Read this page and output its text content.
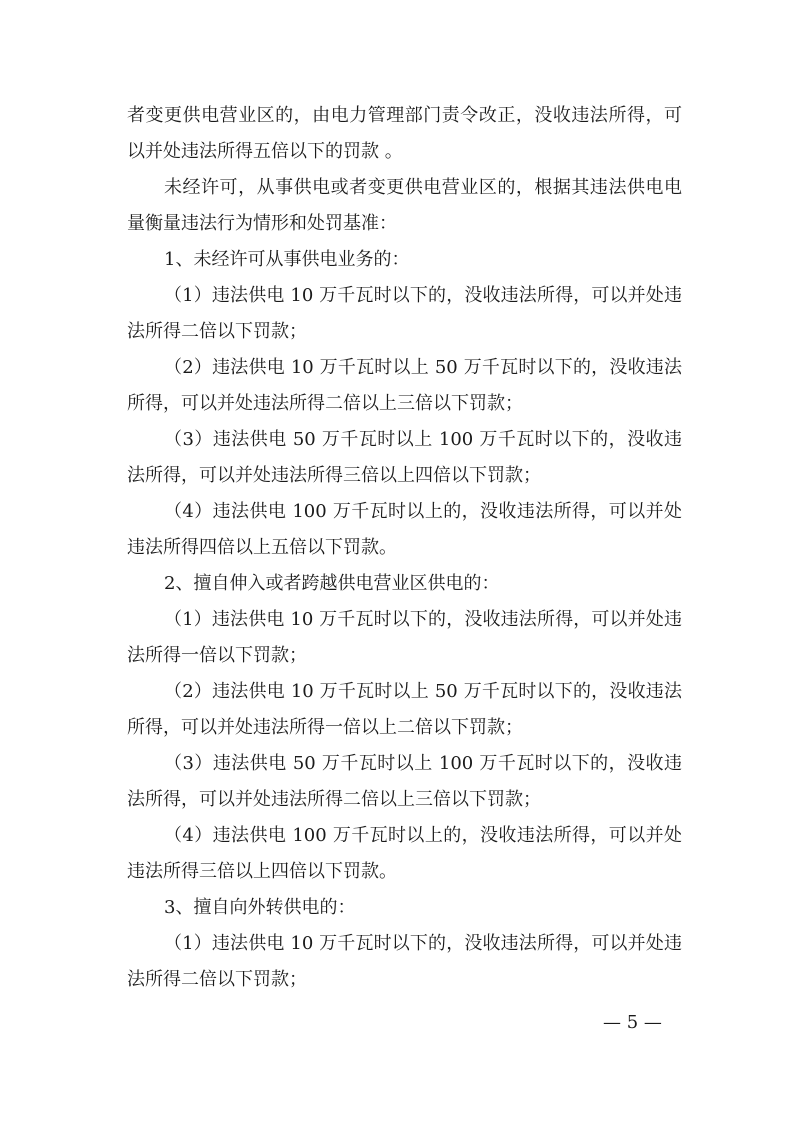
者变更供电营业区的，由电力管理部门责令改正，没收违法所得，可以并处违法所得五倍以下的罚款 。

未经许可，从事供电或者变更供电营业区的，根据其违法供电电量衡量违法行为情形和处罚基准：

1、未经许可从事供电业务的：

（1）违法供电 10 万千瓦时以下的，没收违法所得，可以并处违法所得二倍以下罚款；

（2）违法供电 10 万千瓦时以上 50 万千瓦时以下的，没收违法所得，可以并处违法所得二倍以上三倍以下罚款；

（3）违法供电 50 万千瓦时以上 100 万千瓦时以下的，没收违法所得，可以并处违法所得三倍以上四倍以下罚款；

（4）违法供电 100 万千瓦时以上的，没收违法所得，可以并处违法所得四倍以上五倍以下罚款。

2、擅自伸入或者跨越供电营业区供电的：

（1）违法供电 10 万千瓦时以下的，没收违法所得，可以并处违法所得一倍以下罚款；

（2）违法供电 10 万千瓦时以上 50 万千瓦时以下的，没收违法所得，可以并处违法所得一倍以上二倍以下罚款；

（3）违法供电 50 万千瓦时以上 100 万千瓦时以下的，没收违法所得，可以并处违法所得二倍以上三倍以下罚款；

（4）违法供电 100 万千瓦时以上的，没收违法所得，可以并处违法所得三倍以上四倍以下罚款。

3、擅自向外转供电的：

（1）违法供电 10 万千瓦时以下的，没收违法所得，可以并处违法所得二倍以下罚款；

— 5 —
